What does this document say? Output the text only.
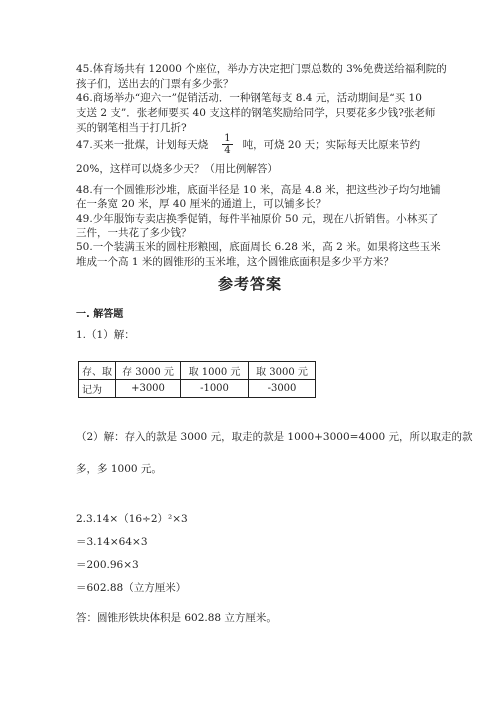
45.体育场共有 12000 个座位，举办方决定把门票总数的 3%免费送给福利院的
孩子们，送出去的门票有多少张？
46.商场举办“迎六一”促销活动．一种钢笔每支 8.4 元，活动期间是“买 10
支送 2 支”．张老师要买 40 支这样的钢笔奖励给同学，只要花多少钱?张老师
买的钢笔相当于打几折?
47.买来一批煤，计划每天烧 $\frac{1}{4}$ 吨，可烧 20 天；实际每天比原来节约
20%，这样可以烧多少天？（用比例解答）
48.有一个圆锥形沙堆，底面半径是 10 米，高是 4.8 米，把这些沙子均匀地铺
在一条宽 20 米，厚 40 厘米的通道上，可以铺多长？
49.少年服饰专卖店换季促销，每件半袖原价 50 元，现在八折销售。小林买了
三件，一共花了多少钱？
50.一个装满玉米的圆柱形粮囤，底面周长 6.28 米，高 2 米。如果将这些玉米
堆成一个高 1 米的圆锥形的玉米堆，这个圆锥底面积是多少平方米？
参考答案
一. 解答题
1.（1）解：
存、取	存 3000 元	取 1000 元	取 3000 元
记为	+3000	-1000	-3000
（2）解：存入的款是 3000 元，取走的款是 1000+3000=4000 元，所以取走的款
多，多 1000 元。
2.3.14×（16÷2）²×3
＝3.14×64×3
＝200.96×3
＝602.88（立方厘米）
答：圆锥形铁块体积是 602.88 立方厘米。
